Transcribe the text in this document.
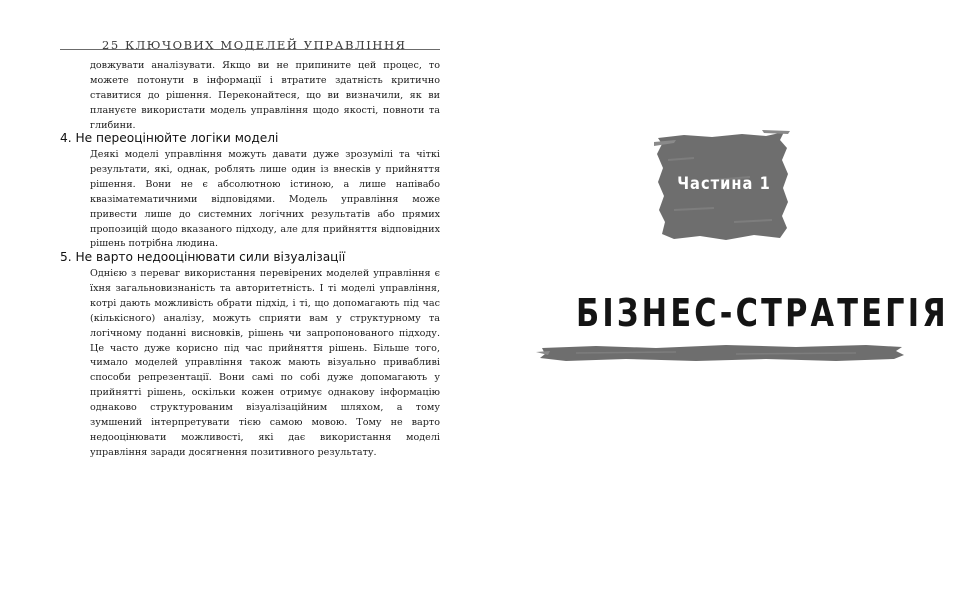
25 КЛЮЧОВИХ МОДЕЛЕЙ УПРАВЛІННЯ

довжувати аналізувати. Якщо ви не припините цей процес, то можете потонути в інформації і втратите здатність критично ставитися до рішення. Переконайтеся, що ви визначили, як ви плануєте використати модель управління щодо якості, повноти та глибини.

4. Не переоцінюйте логіки моделі

Деякі моделі управління можуть давати дуже зрозумілі та чіткі результати, які, однак, роблять лише один із внесків у прийняття рішення. Вони не є абсолютною істиною, а лише напівабо квазіматематичними відповідями. Модель управління може привести лише до системних логічних результатів або прямих пропозицій щодо вказаного підходу, але для прийняття відповідних рішень потрібна людина.

5. Не варто недооцінювати сили візуалізації

Однією з переваг використання перевірених моделей управління є їхня загальновизнаність та авторитетність. І ті моделі управління, котрі дають можливість обрати підхід, і ті, що допомагають під час (кількісного) аналізу, можуть сприяти вам у структурному та логічному поданні висновків, рішень чи запропонованого підходу. Це часто дуже корисно під час прийняття рішень. Більше того, чимало моделей управління також мають візуально привабливі способи репрезентації. Вони самі по собі дуже допомагають у прийнятті рішень, оскільки кожен отримує однакову інформацію однаково структурованим візуалізаційним шляхом, а тому зумшений інтерпретувати тією самою мовою. Тому не варто недооцінювати можливості, які дає використання моделі управління заради досягнення позитивного результату.

Частина 1
БІЗНЕС-СТРАТЕГІЯ
